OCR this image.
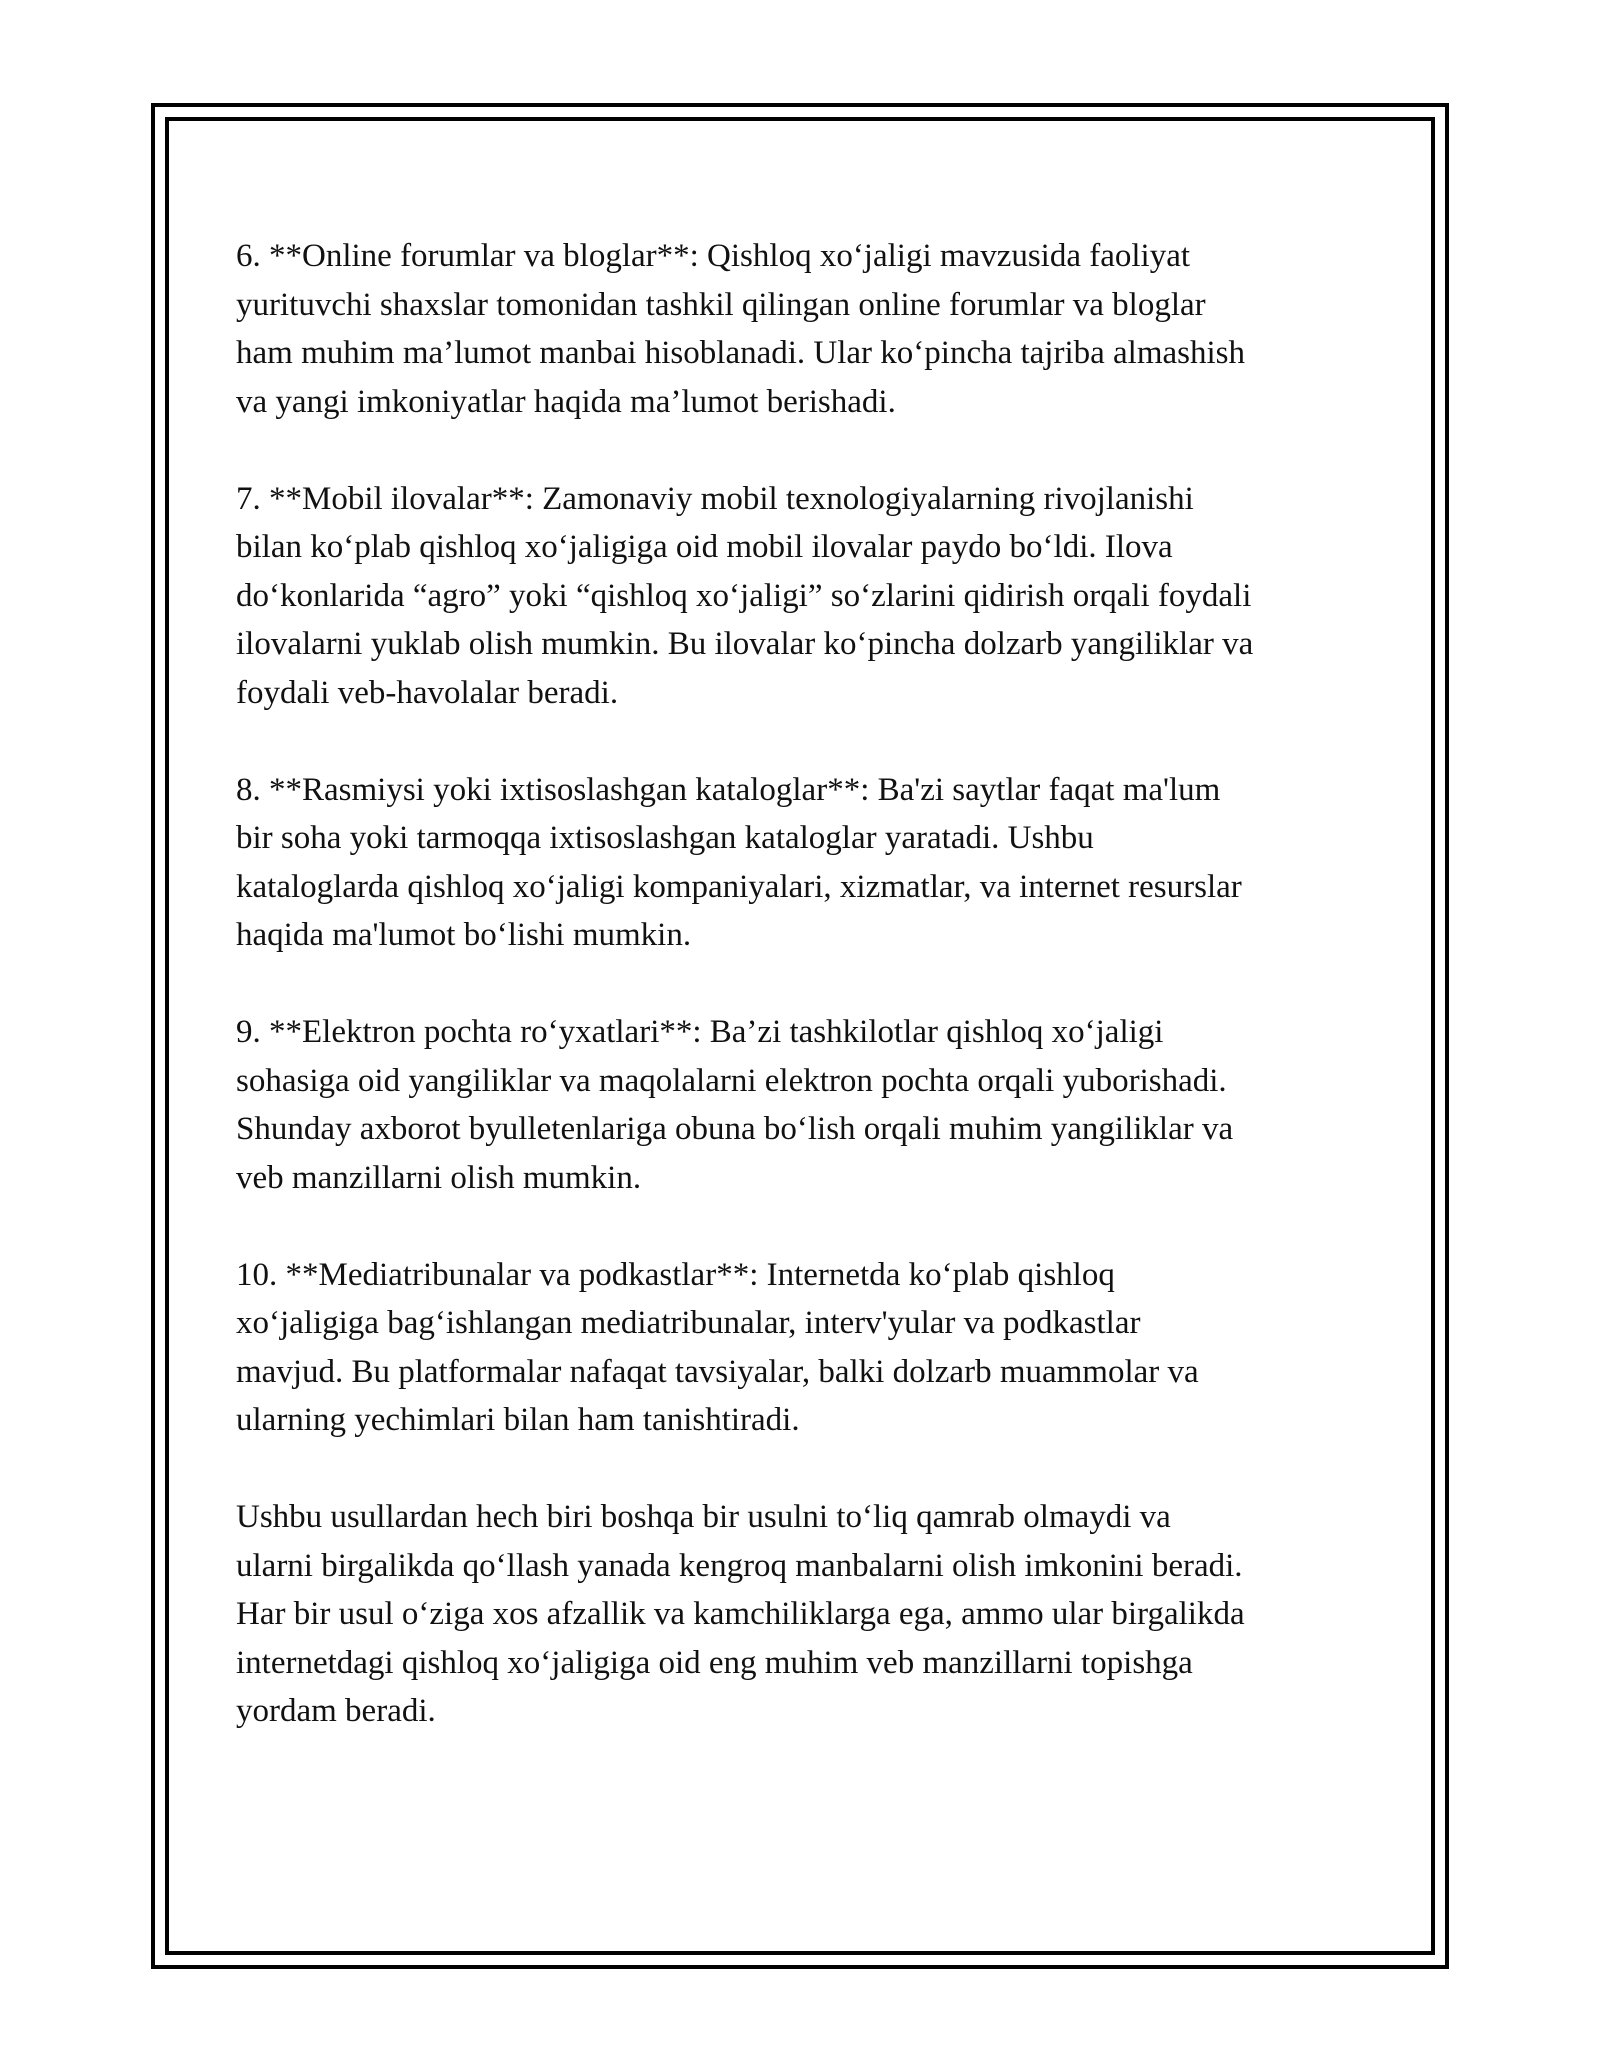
6. **Online forumlar va bloglar**: Qishloq xo‘jaligi mavzusida faoliyat
yurituvchi shaxslar tomonidan tashkil qilingan online forumlar va bloglar
ham muhim ma’lumot manbai hisoblanadi. Ular ko‘pincha tajriba almashish
va yangi imkoniyatlar haqida ma’lumot berishadi.

7. **Mobil ilovalar**: Zamonaviy mobil texnologiyalarning rivojlanishi
bilan ko‘plab qishloq xo‘jaligiga oid mobil ilovalar paydo bo‘ldi. Ilova
do‘konlarida “agro” yoki “qishloq xo‘jaligi” so‘zlarini qidirish orqali foydali
ilovalarni yuklab olish mumkin. Bu ilovalar ko‘pincha dolzarb yangiliklar va
foydali veb-havolalar beradi.

8. **Rasmiysi yoki ixtisoslashgan kataloglar**: Ba'zi saytlar faqat ma'lum
bir soha yoki tarmoqqa ixtisoslashgan kataloglar yaratadi. Ushbu
kataloglarda qishloq xo‘jaligi kompaniyalari, xizmatlar, va internet resurslar
haqida ma'lumot bo‘lishi mumkin.

9. **Elektron pochta ro‘yxatlari**: Ba’zi tashkilotlar qishloq xo‘jaligi
sohasiga oid yangiliklar va maqolalarni elektron pochta orqali yuborishadi.
Shunday axborot byulletenlariga obuna bo‘lish orqali muhim yangiliklar va
veb manzillarni olish mumkin.

10. **Mediatribunalar va podkastlar**: Internetda ko‘plab qishloq
xo‘jaligiga bag‘ishlangan mediatribunalar, interv'yular va podkastlar
mavjud. Bu platformalar nafaqat tavsiyalar, balki dolzarb muammolar va
ularning yechimlari bilan ham tanishtiradi.

Ushbu usullardan hech biri boshqa bir usulni to‘liq qamrab olmaydi va
ularni birgalikda qo‘llash yanada kengroq manbalarni olish imkonini beradi.
Har bir usul o‘ziga xos afzallik va kamchiliklarga ega, ammo ular birgalikda
internetdagi qishloq xo‘jaligiga oid eng muhim veb manzillarni topishga
yordam beradi.
